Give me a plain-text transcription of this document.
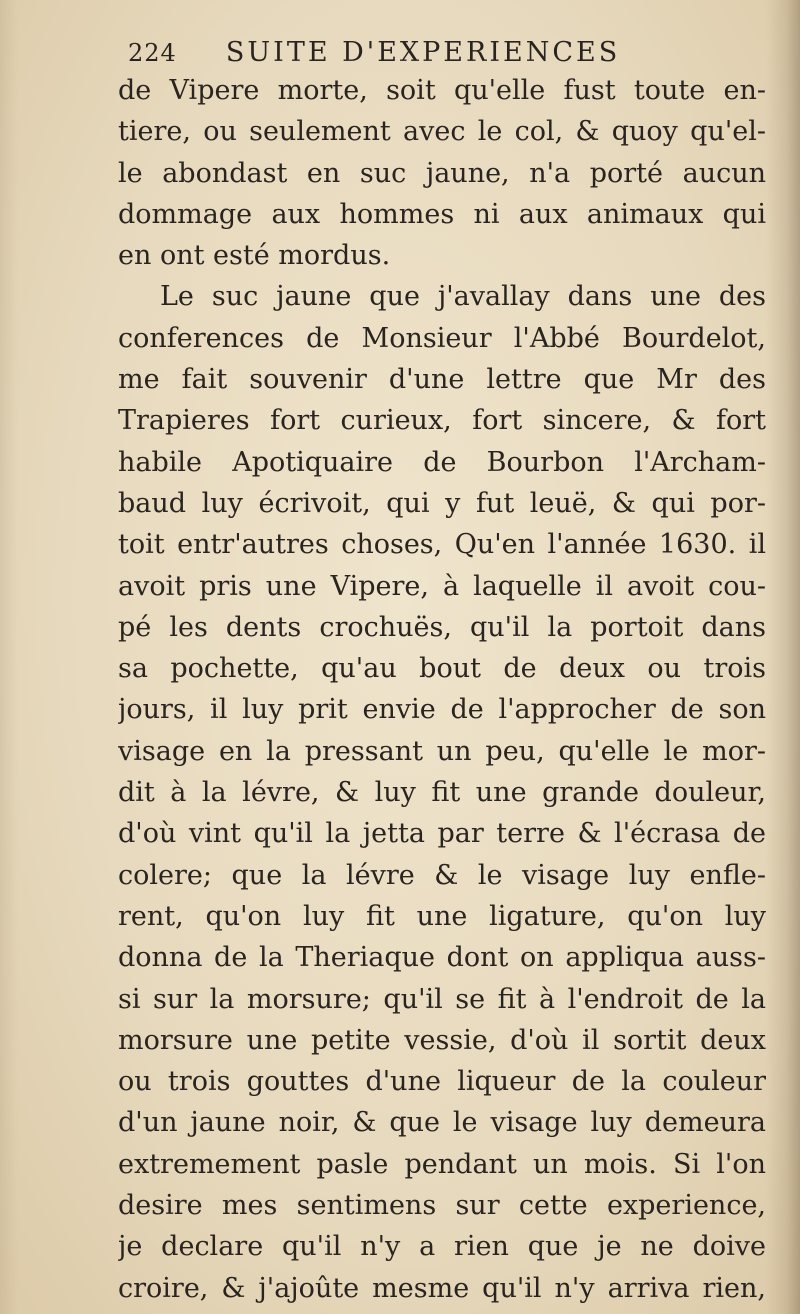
224 SUITE D'EXPERIENCES
de Vipere morte, soit qu'elle fust toute en-
tiere, ou seulement avec le col, & quoy qu'el-
le abondast en suc jaune, n'a porté aucun
dommage aux hommes ni aux animaux qui
en ont esté mordus.
Le suc jaune que j'avallay dans une des
conferences de Monsieur l'Abbé Bourdelot,
me fait souvenir d'une lettre que Mr des
Trapieres fort curieux, fort sincere, & fort
habile Apotiquaire de Bourbon l'Archam-
baud luy écrivoit, qui y fut leuë, & qui por-
toit entr'autres choses, Qu'en l'année 1630. il
avoit pris une Vipere, à laquelle il avoit cou-
pé les dents crochuës, qu'il la portoit dans
sa pochette, qu'au bout de deux ou trois
jours, il luy prit envie de l'approcher de son
visage en la pressant un peu, qu'elle le mor-
dit à la lévre, & luy fit une grande douleur,
d'où vint qu'il la jetta par terre & l'écrasa de
colere; que la lévre & le visage luy enfle-
rent, qu'on luy fit une ligature, qu'on luy
donna de la Theriaque dont on appliqua auss-
si sur la morsure; qu'il se fit à l'endroit de la
morsure une petite vessie, d'où il sortit deux
ou trois gouttes d'une liqueur de la couleur
d'un jaune noir, & que le visage luy demeura
extremement pasle pendant un mois. Si l'on
desire mes sentimens sur cette experience,
je declare qu'il n'y a rien que je ne doive
croire, & j'ajoûte mesme qu'il n'y arriva rien,
